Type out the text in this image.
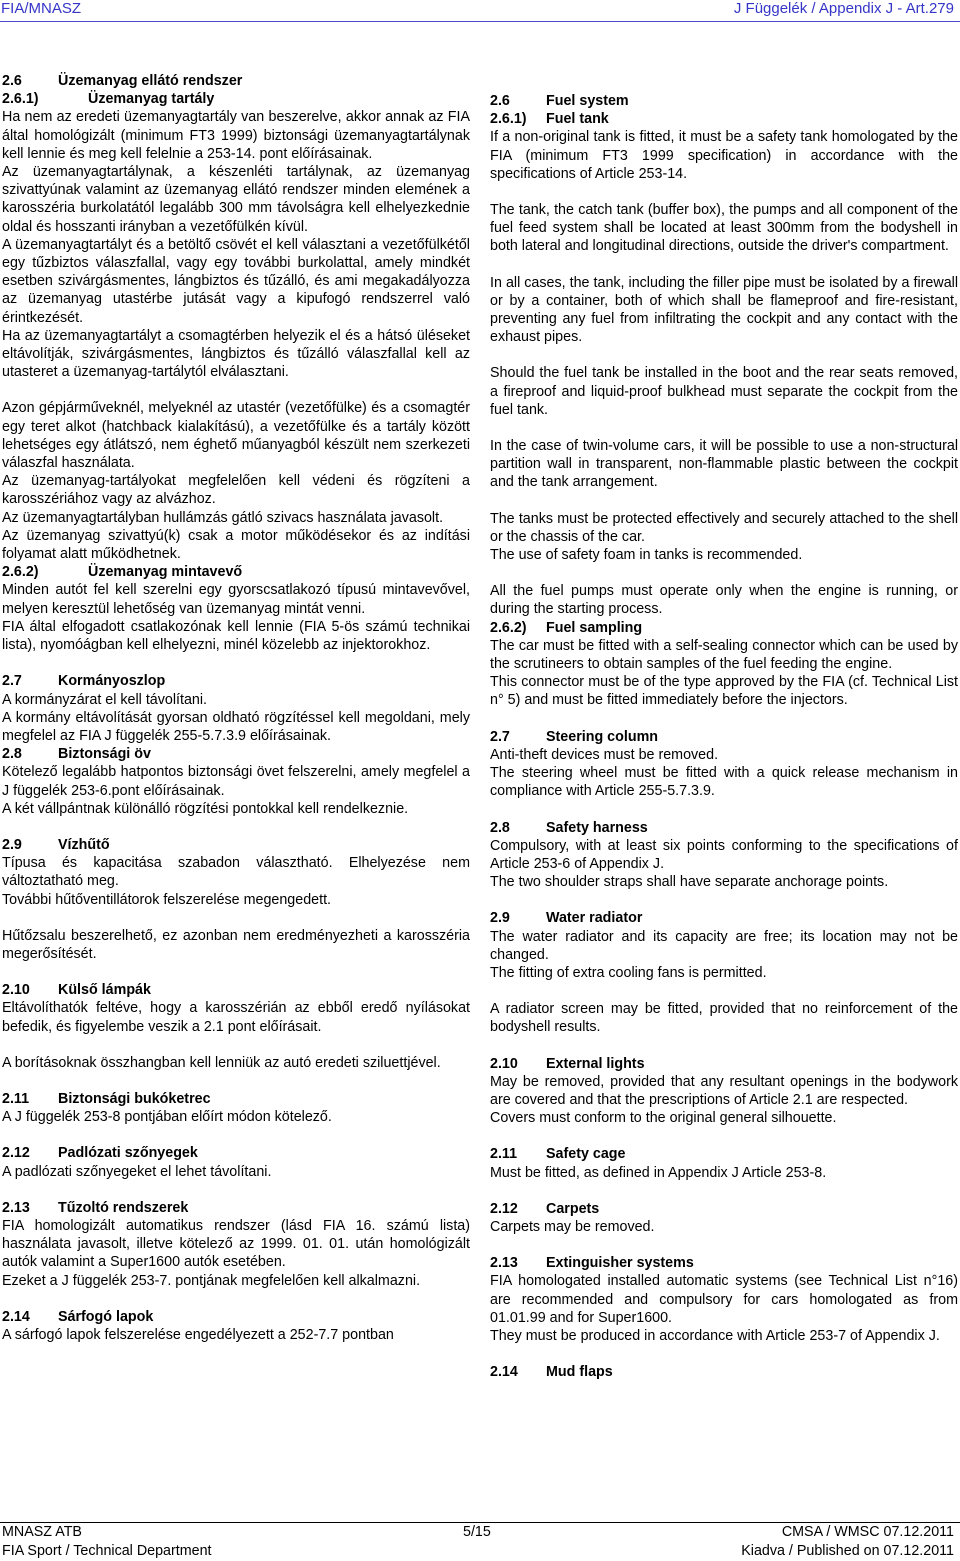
FIA/MNASZ	J Függelék / Appendix J - Art.279
2.6	Üzemanyag ellátó rendszer
2.6.1)	Üzemanyag tartály

Ha nem az eredeti üzemanyagtartály van beszerelve, akkor annak az FIA által homológizált (minimum FT3 1999) biztonsági üzemanyagtartálynak kell lennie és meg kell felelnie a 253-14. pont előírásainak.

Az üzemanyagtartálynak, a készenléti tartálynak, az üzemanyag szivattyúnak valamint az üzemanyag ellátó rendszer minden elemének a karosszéria burkolatától legalább 300 mm távolságra kell elhelyezkednie oldal és hosszanti irányban a vezetőfülkén kívül.

A üzemanyagtartályt és a betöltő csövét el kell választani a vezetőfülkétől egy tűzbiztos válaszfallal, vagy egy további burkolattal, amely mindkét esetben szivárgásmentes, lángbiztos és tűzálló, és ami megakadályozza az üzemanyag utastérbe jutását vagy a kipufogó rendszerrel való érintkezését.

Ha az üzemanyagtartályt a csomagtérben helyezik el és a hátsó üléseket eltávolítják, szivárgásmentes, lángbiztos és tűzálló válaszfallal kell az utasteret a üzemanyag-tartálytól elválasztani.

Azon gépjárműveknél, melyeknél az utastér (vezetőfülke) és a csomagtér egy teret alkot (hatchback kialakítású), a vezetőfülke és a tartály között lehetséges egy átlátszó, nem éghető műanyagból készült nem szerkezeti válaszfal használata.

Az üzemanyag-tartályokat megfelelően kell védeni és rögzíteni a karosszériához vagy az alvázhoz.

Az üzemanyagtartályban hullámzás gátló szivacs használata javasolt.

Az üzemanyag szivattyú(k) csak a motor működésekor és az indítási folyamat alatt működhetnek.

2.6.2)	Üzemanyag mintavevő

Minden autót fel kell szerelni egy gyorscsatlakozó típusú mintavevővel, melyen keresztül lehetőség van üzemanyag mintát venni.

FIA által elfogadott csatlakozónak kell lennie (FIA 5-ös számú technikai lista), nyomóágban kell elhelyezni, minél közelebb az injektorokhoz.

2.7	Kormányoszlop

A kormányzárat el kell távolítani.

A kormány eltávolítását gyorsan oldható rögzítéssel kell megoldani, mely megfelel az FIA J függelék 255-5.7.3.9 előírásainak.

2.8	Biztonsági öv

Kötelező legalább hatpontos biztonsági övet felszerelni, amely megfelel a J függelék 253-6.pont előírásainak.

A két vállpántnak különálló rögzítési pontokkal kell rendelkeznie.

2.9	Vízhűtő

Típusa és kapacitása szabadon választható. Elhelyezése nem változtatható meg.

További hűtőventillátorok felszerelése megengedett.

Hűtőzsalu beszerelhető, ez azonban nem eredményezheti a karosszéria megerősítését.

2.10 Külső lámpák

Eltávolíthatók feltéve, hogy a karosszérián az ebből eredő nyílásokat befedik, és figyelembe veszik a 2.1 pont előírásait.

A borításoknak összhangban kell lenniük az autó eredeti sziluettjével.

2.11 Biztonsági bukóketrec

A J függelék 253-8 pontjában előírt módon kötelező.

2.12 Padlózati szőnyegek

A padlózati szőnyegeket el lehet távolítani.

2.13 Tűzoltó rendszerek

FIA homologizált automatikus rendszer (lásd FIA 16. számú lista) használata javasolt, illetve kötelező az 1999. 01. 01. után homológizált autók valamint a Super1600 autók esetében.

Ezeket a J függelék 253-7. pontjának megfelelően kell alkalmazni.

2.14 Sárfogó lapok

A sárfogó lapok felszerelése engedélyezett a 252-7.7 pontban

2.6	Fuel system
2.6.1) Fuel tank

If a non-original tank is fitted, it must be a safety tank homologated by the FIA (minimum FT3 1999 specification) in accordance with the specifications of Article 253-14.

The tank, the catch tank (buffer box), the pumps and all component of the fuel feed system shall be located at least 300mm from the bodyshell in both lateral and longitudinal directions, outside the driver's compartment.

In all cases, the tank, including the filler pipe must be isolated by a firewall or by a container, both of which shall be flameproof and fire-resistant, preventing any fuel from infiltrating the cockpit and any contact with the exhaust pipes.

Should the fuel tank be installed in the boot and the rear seats removed, a fireproof and liquid-proof bulkhead must separate the cockpit from the fuel tank.

In the case of twin-volume cars, it will be possible to use a non-structural partition wall in transparent, non-flammable plastic between the cockpit and the tank arrangement.

The tanks must be protected effectively and securely attached to the shell or the chassis of the car.

The use of safety foam in tanks is recommended.

All the fuel pumps must operate only when the engine is running, or during the starting process.

2.6.2) Fuel sampling

The car must be fitted with a self-sealing connector which can be used by the scrutineers to obtain samples of the fuel feeding the engine.

This connector must be of the type approved by the FIA (cf. Technical List n° 5) and must be fitted immediately before the injectors.

2.7	Steering column

Anti-theft devices must be removed.

The steering wheel must be fitted with a quick release mechanism in compliance with Article 255-5.7.3.9.

2.8	Safety harness

Compulsory, with at least six points conforming to the specifications of Article 253-6 of Appendix J.

The two shoulder straps shall have separate anchorage points.

2.9	Water radiator

The water radiator and its capacity are free; its location may not be changed.

The fitting of extra cooling fans is permitted.

A radiator screen may be fitted, provided that no reinforcement of the bodyshell results.

2.10 External lights

May be removed, provided that any resultant openings in the bodywork are covered and that the prescriptions of Article 2.1 are respected.

Covers must conform to the original general silhouette.

2.11 Safety cage

Must be fitted, as defined in Appendix J Article 253-8.

2.12 Carpets

Carpets may be removed.

2.13 Extinguisher systems

FIA homologated installed automatic systems (see Technical List n°16) are recommended and compulsory for cars homologated as from 01.01.99 and for Super1600.

They must be produced in accordance with Article 253-7 of Appendix J.

2.14 Mud flaps
MNASZ ATB
FIA Sport / Technical Department
5/15	CMSA / WMSC 07.12.2011
Kiadva / Published on 07.12.2011
